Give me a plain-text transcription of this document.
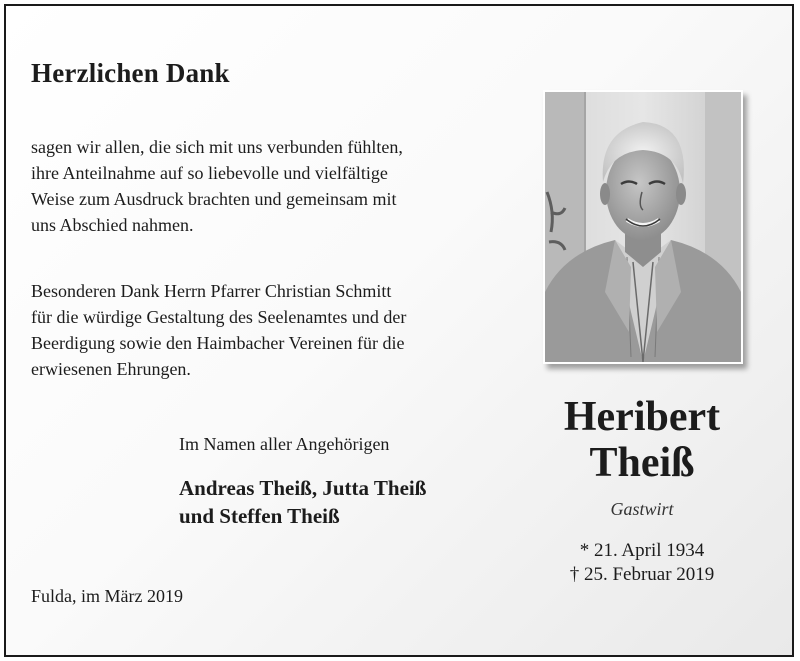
Herzlichen Dank

sagen wir allen, die sich mit uns verbunden fühlten,
ihre Anteilnahme auf so liebevolle und vielfältige
Weise zum Ausdruck brachten und gemeinsam mit
uns Abschied nahmen.

Besonderen Dank Herrn Pfarrer Christian Schmitt
für die würdige Gestaltung des Seelenamtes und der
Beerdigung sowie den Haimbacher Vereinen für die
erwiesenen Ehrungen.

Im Namen aller Angehörigen
Andreas Theiß, Jutta Theiß
und Steffen Theiß
Fulda, im März 2019
Heribert
Theiß
Gastwirt
* 21. April 1934
† 25. Februar 2019
